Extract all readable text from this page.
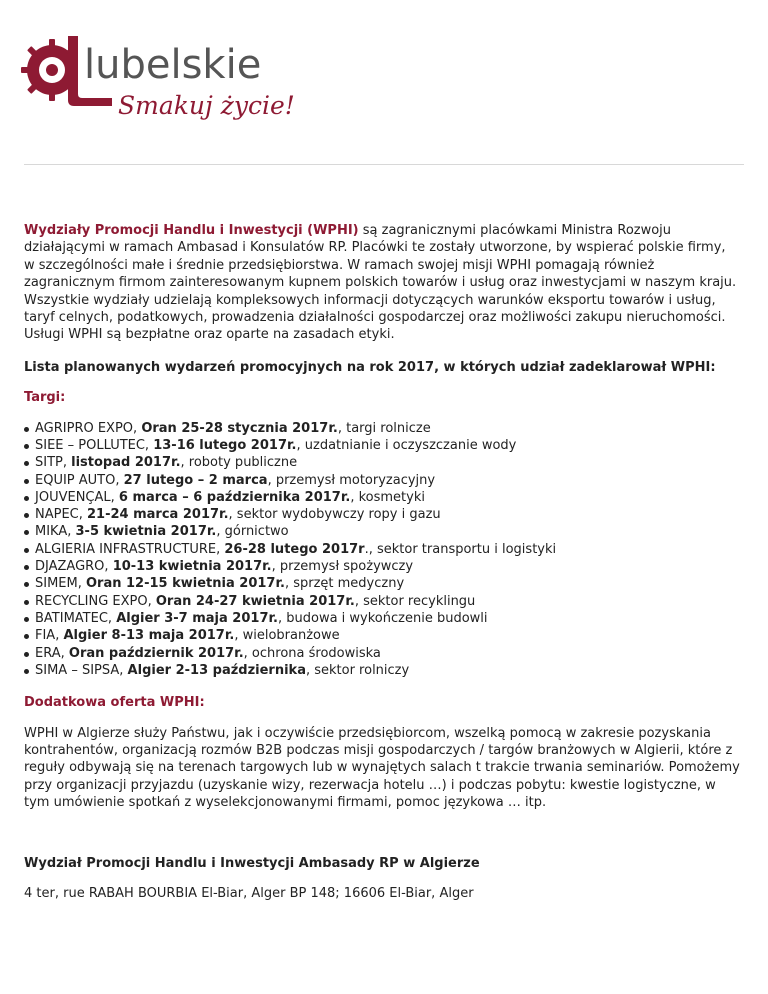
lubelskie
Smakuj życie!

Wydziały Promocji Handlu i Inwestycji (WPHI) są zagranicznymi placówkami Ministra Rozwoju działającymi w ramach Ambasad i Konsulatów RP. Placówki te zostały utworzone, by wspierać polskie firmy, w szczególności małe i średnie przedsiębiorstwa. W ramach swojej misji WPHI pomagają również zagranicznym firmom zainteresowanym kupnem polskich towarów i usług oraz inwestycjami w naszym kraju. Wszystkie wydziały udzielają kompleksowych informacji dotyczących warunków eksportu towarów i usług, taryf celnych, podatkowych, prowadzenia działalności gospodarczej oraz możliwości zakupu nieruchomości. Usługi WPHI są bezpłatne oraz oparte na zasadach etyki.

Lista planowanych wydarzeń promocyjnych na rok 2017, w których udział zadeklarował WPHI:

Targi:

AGRIPRO EXPO, Oran 25-28 stycznia 2017r., targi rolnicze
SIEE – POLLUTEC, 13-16 lutego 2017r., uzdatnianie i oczyszczanie wody
SITP, listopad 2017r., roboty publiczne
EQUIP AUTO, 27 lutego – 2 marca, przemysł motoryzacyjny
JOUVENÇAL, 6 marca – 6 października 2017r., kosmetyki
NAPEC, 21-24 marca 2017r., sektor wydobywczy ropy i gazu
MIKA, 3-5 kwietnia 2017r., górnictwo
ALGIERIA INFRASTRUCTURE, 26-28 lutego 2017r., sektor transportu i logistyki
DJAZAGRO, 10-13 kwietnia 2017r., przemysł spożywczy
SIMEM, Oran 12-15 kwietnia 2017r., sprzęt medyczny
RECYCLING EXPO, Oran 24-27 kwietnia 2017r., sektor recyklingu
BATIMATEC, Algier 3-7 maja 2017r., budowa i wykończenie budowli
FIA, Algier 8-13 maja 2017r., wielobranżowe
ERA, Oran październik 2017r., ochrona środowiska
SIMA – SIPSA, Algier 2-13 października, sektor rolniczy

Dodatkowa oferta WPHI:

WPHI w Algierze służy Państwu, jak i oczywiście przedsiębiorcom, wszelką pomocą w zakresie pozyskania kontrahentów, organizacją rozmów B2B podczas misji gospodarczych / targów branżowych w Algierii, które z reguły odbywają się na terenach targowych lub w wynajętych salach t trakcie trwania seminariów. Pomożemy przy organizacji przyjazdu (uzyskanie wizy, rezerwacja hotelu …) i podczas pobytu: kwestie logistyczne, w tym umówienie spotkań z wyselekcjonowanymi firmami, pomoc językowa … itp.

Wydział Promocji Handlu i Inwestycji Ambasady RP w Algierze

4 ter, rue RABAH BOURBIA El-Biar, Alger BP 148; 16606 El-Biar, Alger
